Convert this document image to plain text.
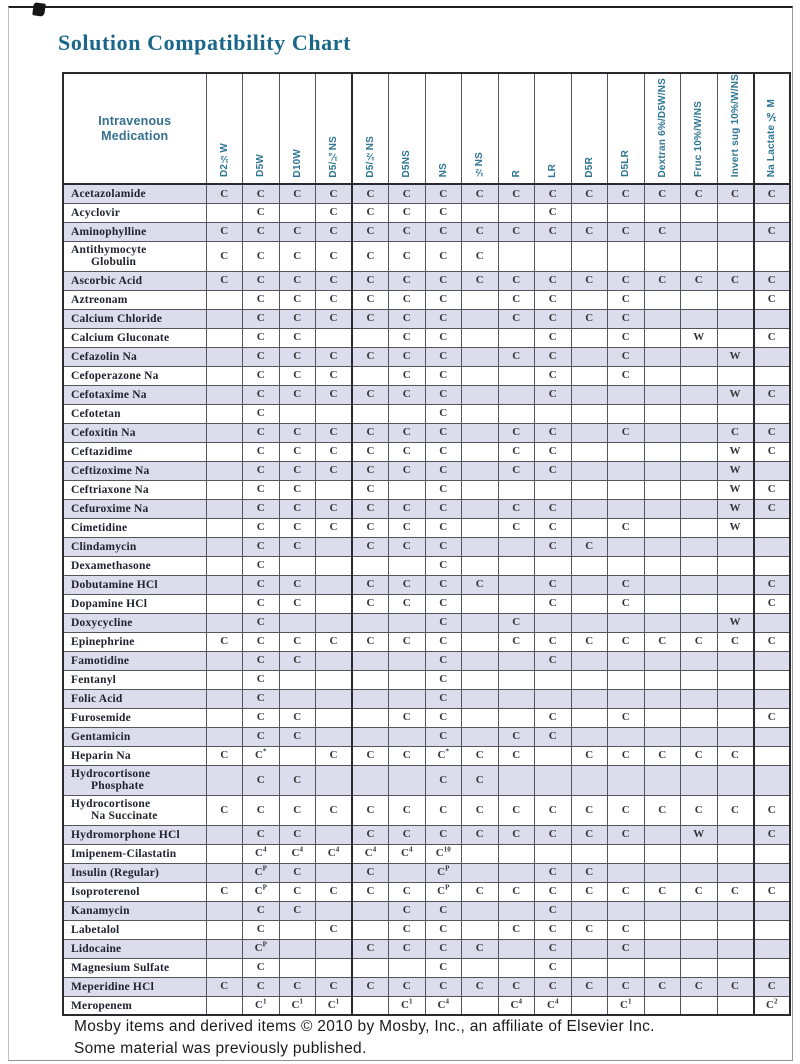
Solution Compatibility Chart
Intravenous
Medication	D2½W	D5W	D10W	D5/¼NS	D5/½NS	D5NS	NS	½NS	R	LR	D5R	D5LR	Dextran 6%/D5W/NS	Fruc 10%/W/NS	Invert sug 10%/W/NS	Na Lactate ⅙ M

Acetazolamide	C	C	C	C	C	C	C	C	C	C	C	C	C	C	C	C

Acyclovir		C		C	C	C	C			C						

Aminophylline	C	C	C	C	C	C	C	C	C	C	C	C	C			C

Antithymocyte
Globulin	C	C	C	C	C	C	C	C								

Ascorbic Acid	C	C	C	C	C	C	C	C	C	C	C	C	C	C	C	C

Aztreonam		C	C	C	C	C	C		C	C		C				C

Calcium Chloride		C	C	C	C	C	C		C	C	C	C				

Calcium Gluconate		C	C			C	C			C		C		W		C

Cefazolin Na		C	C	C	C	C	C		C	C		C			W	

Cefoperazone Na		C	C	C		C	C			C		C				

Cefotaxime Na		C	C	C	C	C	C			C					W	C

Cefotetan		C					C									

Cefoxitin Na		C	C	C	C	C	C		C	C		C			C	C

Ceftazidime		C	C	C	C	C	C		C	C					W	C

Ceftizoxime Na		C	C	C	C	C	C		C	C					W	

Ceftriaxone Na		C	C		C		C								W	C

Cefuroxime Na		C	C	C	C	C	C		C	C					W	C

Cimetidine		C	C	C	C	C	C		C	C		C			W	

Clindamycin		C	C		C	C	C			C	C					

Dexamethasone		C					C									

Dobutamine HCl		C	C		C	C	C	C		C		C				C

Dopamine HCl		C	C		C	C	C			C		C				C

Doxycycline		C					C		C						W	

Epinephrine	C	C	C	C	C	C	C		C	C	C	C	C	C	C	C

Famotidine		C	C				C			C						

Fentanyl		C					C									

Folic Acid		C					C									

Furosemide		C	C			C	C			C		C				C

Gentamicin		C	C				C		C	C						

Heparin Na	C	C*		C	C	C	C*	C	C		C	C	C	C	C	

Hydrocortisone
Phosphate		C	C				C	C								

Hydrocortisone
Na Succinate	C	C	C	C	C	C	C	C	C	C	C	C	C	C	C	C

Hydromorphone HCl		C	C		C	C	C	C	C	C	C	C		W		C

Imipenem-Cilastatin		$C^4$	$C^4$	$C^4$	$C^4$	$C^4$	$C^{10}$									

Insulin (Regular)		$C^P$	C		C		$C^P$			C	C					

Isoproterenol	C	$C^P$	C	C	C	C	$C^P$	C	C	C	C	C	C	C	C	C

Kanamycin		C	C			C	C			C						

Labetalol		C		C		C	C		C	C	C	C				

Lidocaine		$C^P$			C	C	C	C		C		C				

Magnesium Sulfate		C					C			C						

Meperidine HCl	C	C	C	C	C	C	C	C	C	C	C	C	C	C	C	C

Meropenem		$C^1$	$C^1$	$C^1$		$C^1$	$C^4$		$C^4$	$C^4$		$C^1$				$C^2$
Mosby items and derived items © 2010 by Mosby, Inc., an affiliate of Elsevier Inc.
Some material was previously published.
